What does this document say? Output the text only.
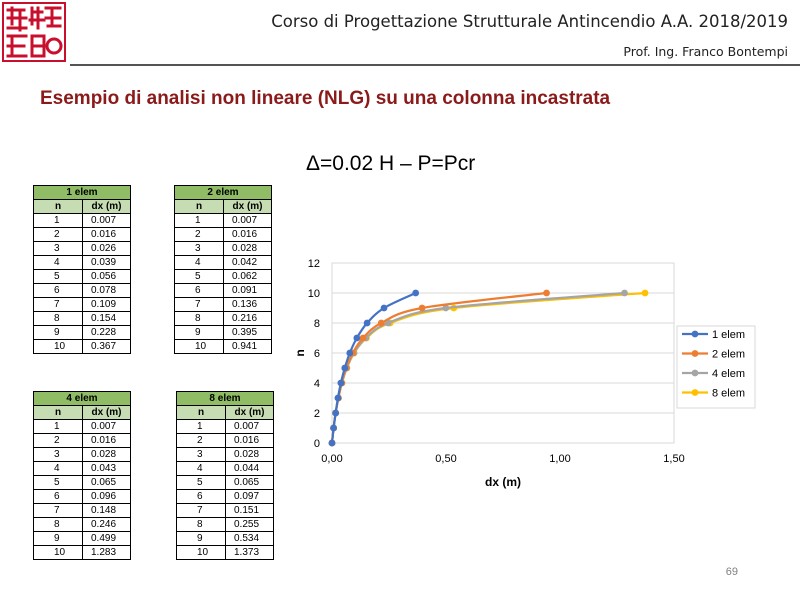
Corso di Progettazione Strutturale Antincendio A.A. 2018/2019
Prof. Ing. Franco Bontempi
Esempio di analisi non lineare (NLG) su una colonna incastrata
Δ=0.02 H – P=Pcr
1 elem	
n	dx (m)
1	0.007
2	0.016
3	0.026
4	0.039
5	0.056
6	0.078
7	0.109
8	0.154
9	0.228
10	0.367
2 elem	
n	dx (m)
1	0.007
2	0.016
3	0.028
4	0.042
5	0.062
6	0.091
7	0.136
8	0.216
9	0.395
10	0.941
4 elem	
n	dx (m)
1	0.007
2	0.016
3	0.028
4	0.043
5	0.065
6	0.096
7	0.148
8	0.246
9	0.499
10	1.283
8 elem	
n	dx (m)
1	0.007
2	0.016
3	0.028
4	0.044
5	0.065
6	0.097
7	0.151
8	0.255
9	0.534
10	1.373
0
2
4
6
8
10
12
0,00	0,50	1,00	1,50
dx (m)
n
1 elem
2 elem
4 elem
8 elem
69
